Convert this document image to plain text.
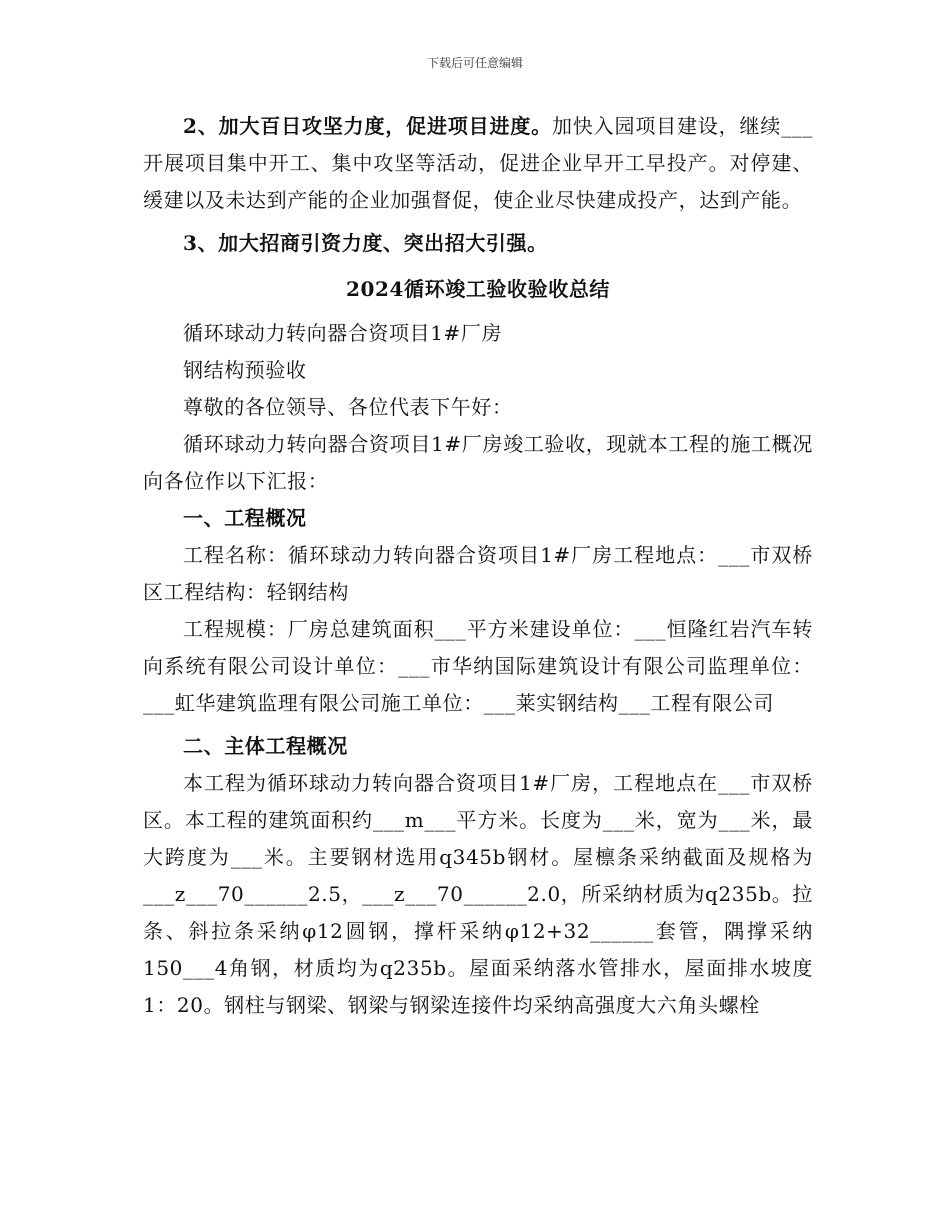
下载后可任意编辑

2、加大百日攻坚力度，促进项目进度。加快入园项目建设，继续___开展项目集中开工、集中攻坚等活动，促进企业早开工早投产。对停建、缓建以及未达到产能的企业加强督促，使企业尽快建成投产，达到产能。

3、加大招商引资力度、突出招大引强。

2024循环竣工验收验收总结

循环球动力转向器合资项目1#厂房

钢结构预验收

尊敬的各位领导、各位代表下午好：

循环球动力转向器合资项目1#厂房竣工验收，现就本工程的施工概况向各位作以下汇报：

一、工程概况

工程名称：循环球动力转向器合资项目1#厂房工程地点：___市双桥区工程结构：轻钢结构

工程规模：厂房总建筑面积___平方米建设单位：___恒隆红岩汽车转向系统有限公司设计单位：___市华纳国际建筑设计有限公司监理单位：___虹华建筑监理有限公司施工单位：___莱实钢结构___工程有限公司

二、主体工程概况

本工程为循环球动力转向器合资项目1#厂房，工程地点在___市双桥区。本工程的建筑面积约___m___平方米。长度为___米，宽为___米，最大跨度为___米。主要钢材选用q345b钢材。屋檩条采纳截面及规格为___z___70______2.5，___z___70______2.0，所采纳材质为q235b。拉条、斜拉条采纳φ12圆钢，撑杆采纳φ12+32______套管，隅撑采纳150___4角钢，材质均为q235b。屋面采纳落水管排水，屋面排水坡度1：20。钢柱与钢梁、钢梁与钢梁连接件均采纳高强度大六角头螺栓
